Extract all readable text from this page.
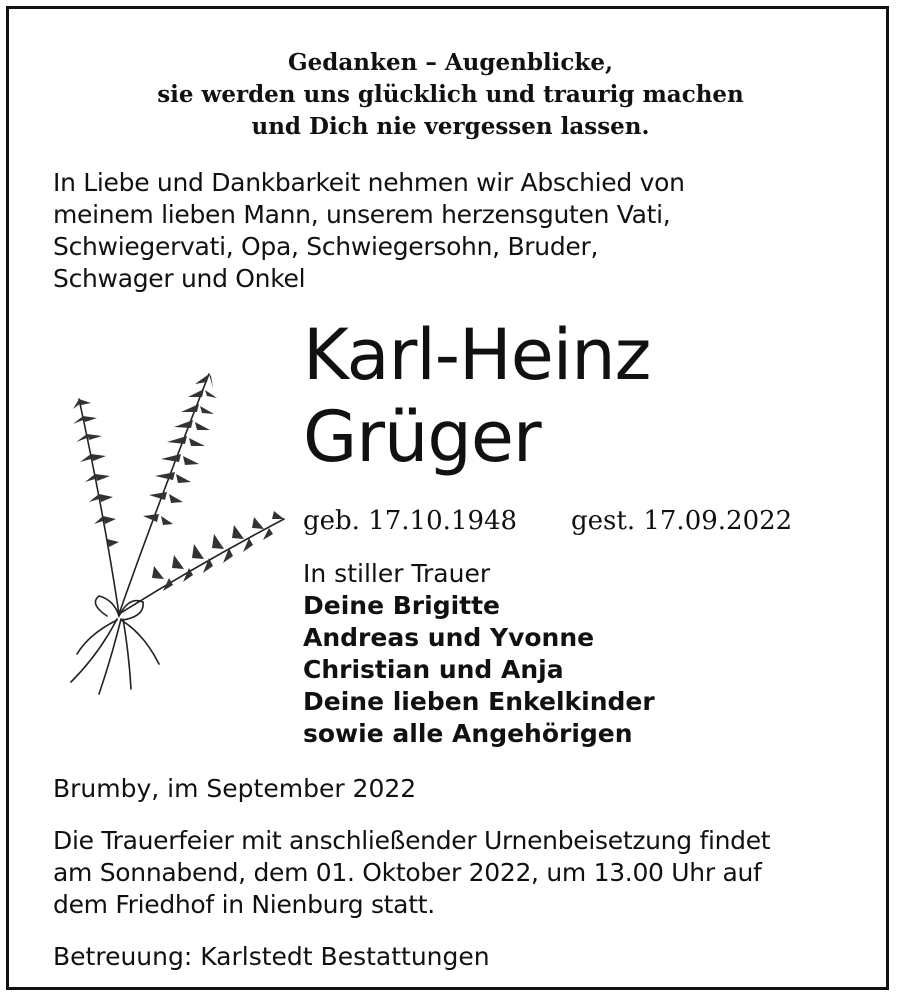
Gedanken – Augenblicke,
sie werden uns glücklich und traurig machen
und Dich nie vergessen lassen.
In Liebe und Dankbarkeit nehmen wir Abschied von
meinem lieben Mann, unserem herzensguten Vati,
Schwiegervati, Opa, Schwiegersohn, Bruder,
Schwager und Onkel
Karl-Heinz
Grüger
geb. 17.10.1948 gest. 17.09.2022
In stiller Trauer
Deine Brigitte
Andreas und Yvonne
Christian und Anja
Deine lieben Enkelkinder
sowie alle Angehörigen
Brumby, im September 2022
Die Trauerfeier mit anschließender Urnenbeisetzung findet
am Sonnabend, dem 01. Oktober 2022, um 13.00 Uhr auf
dem Friedhof in Nienburg statt.
Betreuung: Karlstedt Bestattungen
